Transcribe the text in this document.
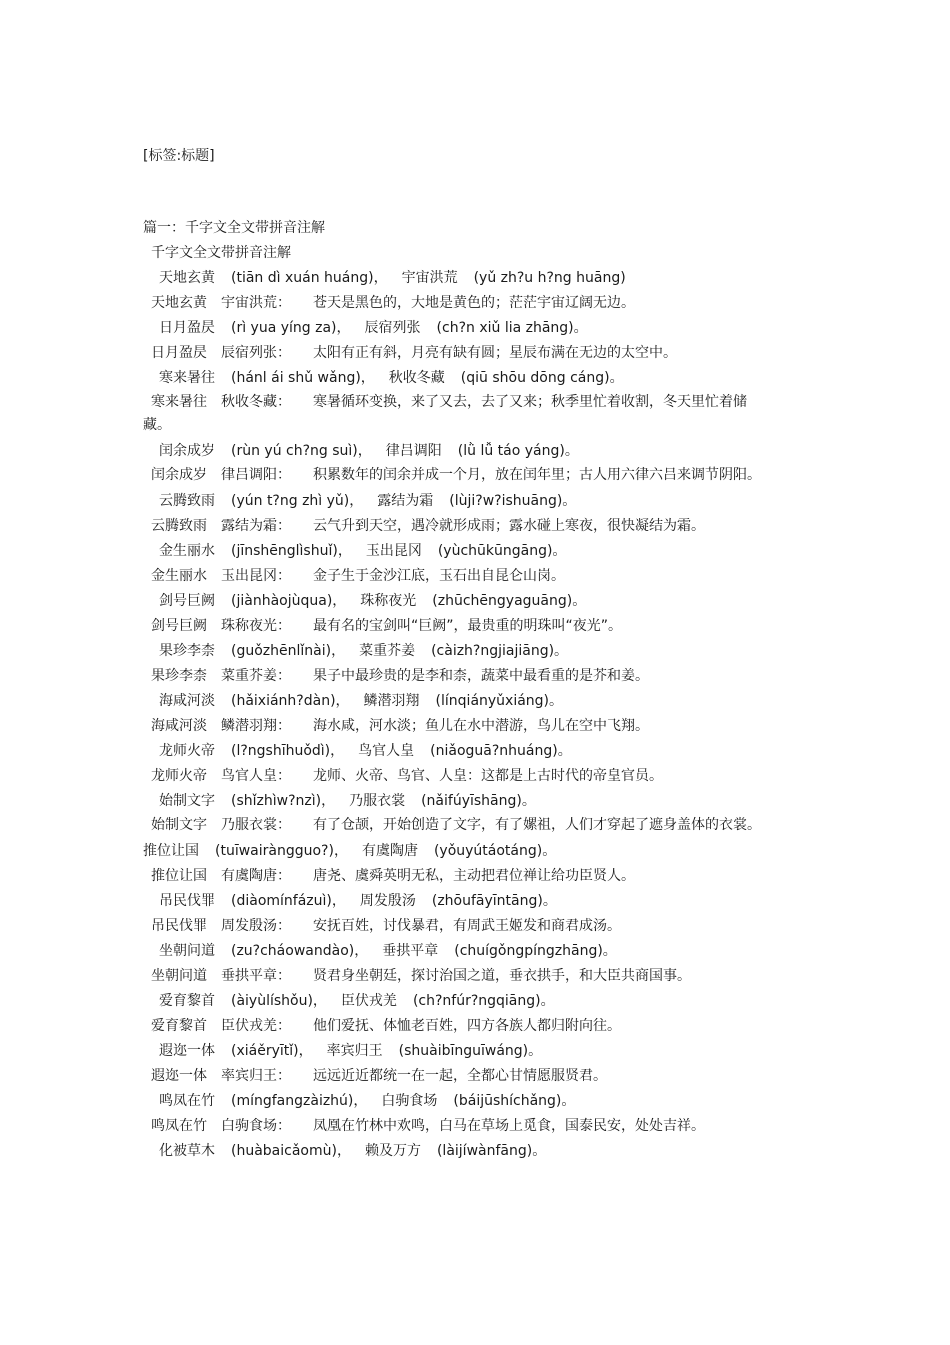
[标签:标题]
篇一：千字文全文带拼音注解
千字文全文带拼音注解
天地玄黄 (tiān dì xuán huáng)， 宇宙洪荒 (yǔ zh?u h?ng huāng)
天地玄黄　宇宙洪荒： 苍天是黑色的，大地是黄色的；茫茫宇宙辽阔无边。
日月盈昃 (rì yua yíng za)， 辰宿列张 (ch?n xiǔ lia zhāng)。
日月盈昃　辰宿列张： 太阳有正有斜，月亮有缺有圆；星辰布满在无边的太空中。
寒来暑往 (hánl ái shǔ wǎng)， 秋收冬藏 (qiū shōu dōng cáng)。
寒来暑往　秋收冬藏： 寒暑循环变换，来了又去，去了又来；秋季里忙着收割，冬天里忙着储藏。
闰余成岁 (rùn yú ch?ng suì)， 律吕调阳 (lǜ lǚ táo yáng)。
闰余成岁　律吕调阳： 积累数年的闰余并成一个月，放在闰年里；古人用六律六吕来调节阴阳。
云腾致雨 (yún t?ng zhì yǔ)， 露结为霜 (lùji?w?ishuāng)。
云腾致雨　露结为霜： 云气升到天空，遇冷就形成雨；露水碰上寒夜，很快凝结为霜。
金生丽水 (jīnshēnglìshuǐ)， 玉出昆冈 (yùchūkūngāng)。
金生丽水　玉出昆冈： 金子生于金沙江底，玉石出自昆仑山岗。
剑号巨阙 (jiànhàojùqua)， 珠称夜光 (zhūchēngyaguāng)。
剑号巨阙　珠称夜光： 最有名的宝剑叫“巨阙”，最贵重的明珠叫“夜光”。
果珍李柰 (guǒzhēnlǐnài)， 菜重芥姜 (càizh?ngjiajiāng)。
果珍李柰　菜重芥姜： 果子中最珍贵的是李和柰，蔬菜中最看重的是芥和姜。
海咸河淡 (hǎixiánh?dàn)， 鳞潜羽翔 (línqiányǔxiáng)。
海咸河淡　鳞潜羽翔： 海水咸，河水淡；鱼儿在水中潜游，鸟儿在空中飞翔。
龙师火帝 (l?ngshīhuǒdì)， 鸟官人皇 (niǎoguā?nhuáng)。
龙师火帝　鸟官人皇： 龙师、火帝、鸟官、人皇：这都是上古时代的帝皇官员。
始制文字 (shǐzhìw?nzì)， 乃服衣裳 (nǎifúyīshāng)。
始制文字　乃服衣裳： 有了仓颉，开始创造了文字，有了嫘祖，人们才穿起了遮身盖体的衣裳。
推位让国 (tuīwairàngguo?)， 有虞陶唐 (yǒuyútáotáng)。
推位让国　有虞陶唐： 唐尧、虞舜英明无私，主动把君位禅让给功臣贤人。
吊民伐罪 (diàomínfázuì)， 周发殷汤 (zhōufāyīntāng)。
吊民伐罪　周发殷汤： 安抚百姓，讨伐暴君，有周武王姬发和商君成汤。
坐朝问道 (zu?cháowandào)， 垂拱平章 (chuígǒngpíngzhāng)。
坐朝问道　垂拱平章： 贤君身坐朝廷，探讨治国之道，垂衣拱手，和大臣共商国事。
爱育黎首 (àiyùlíshǒu)， 臣伏戎羌 (ch?nfúr?ngqiāng)。
爱育黎首　臣伏戎羌： 他们爱抚、体恤老百姓，四方各族人都归附向往。
遐迩一体 (xiáěryītǐ)， 率宾归王 (shuàibīnguīwáng)。
遐迩一体　率宾归王： 远远近近都统一在一起，全都心甘情愿服贤君。
鸣凤在竹 (míngfangzàizhú)， 白驹食场 (báijūshíchǎng)。
鸣凤在竹　白驹食场： 凤凰在竹林中欢鸣，白马在草场上觅食，国泰民安，处处吉祥。
化被草木 (huàbaicǎomù)， 赖及万方 (làijíwànfāng)。
